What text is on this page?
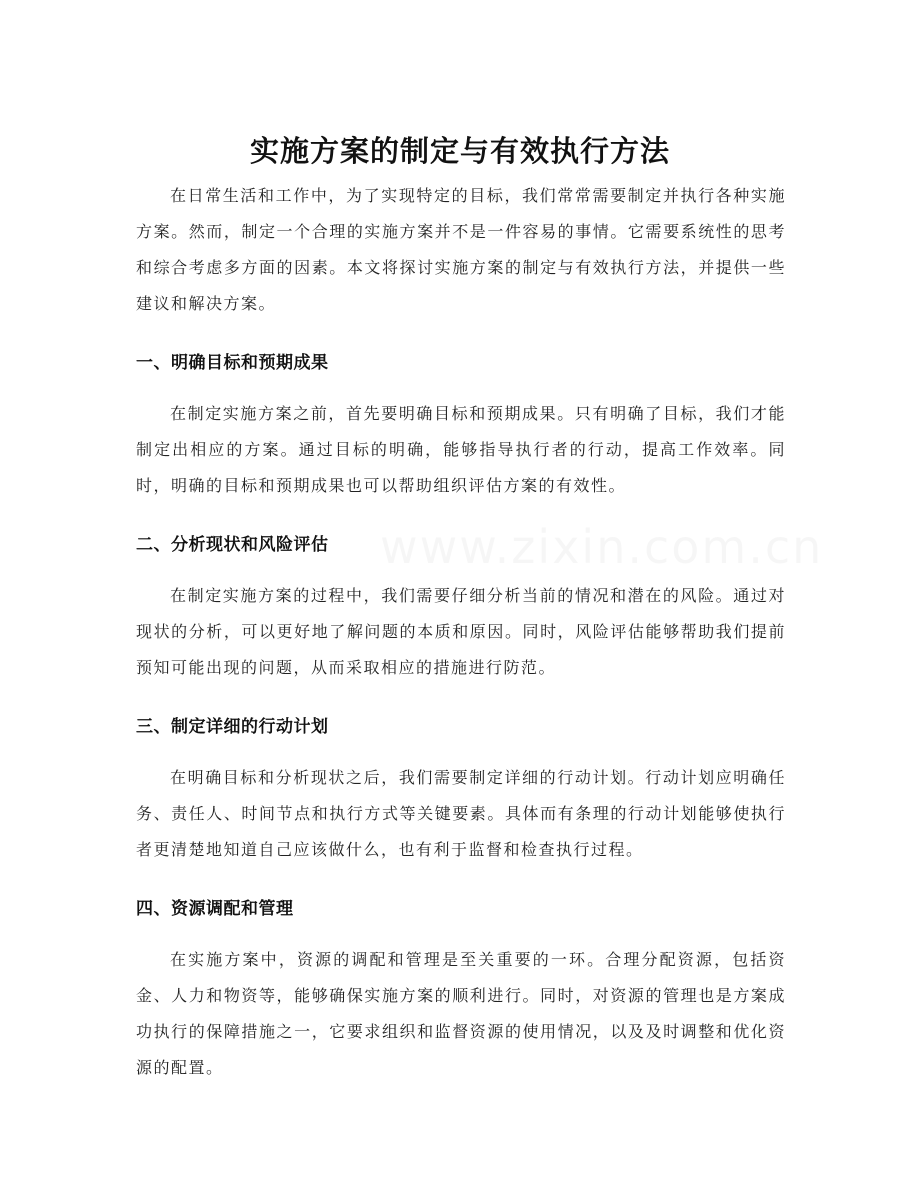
实施方案的制定与有效执行方法

在日常生活和工作中，为了实现特定的目标，我们常常需要制定并执行各种实施方案。然而，制定一个合理的实施方案并不是一件容易的事情。它需要系统性的思考和综合考虑多方面的因素。本文将探讨实施方案的制定与有效执行方法，并提供一些建议和解决方案。

一、明确目标和预期成果

在制定实施方案之前，首先要明确目标和预期成果。只有明确了目标，我们才能制定出相应的方案。通过目标的明确，能够指导执行者的行动，提高工作效率。同时，明确的目标和预期成果也可以帮助组织评估方案的有效性。

二、分析现状和风险评估

在制定实施方案的过程中，我们需要仔细分析当前的情况和潜在的风险。通过对现状的分析，可以更好地了解问题的本质和原因。同时，风险评估能够帮助我们提前预知可能出现的问题，从而采取相应的措施进行防范。

三、制定详细的行动计划

在明确目标和分析现状之后，我们需要制定详细的行动计划。行动计划应明确任务、责任人、时间节点和执行方式等关键要素。具体而有条理的行动计划能够使执行者更清楚地知道自己应该做什么，也有利于监督和检查执行过程。

四、资源调配和管理

在实施方案中，资源的调配和管理是至关重要的一环。合理分配资源，包括资金、人力和物资等，能够确保实施方案的顺利进行。同时，对资源的管理也是方案成功执行的保障措施之一，它要求组织和监督资源的使用情况，以及及时调整和优化资源的配置。
